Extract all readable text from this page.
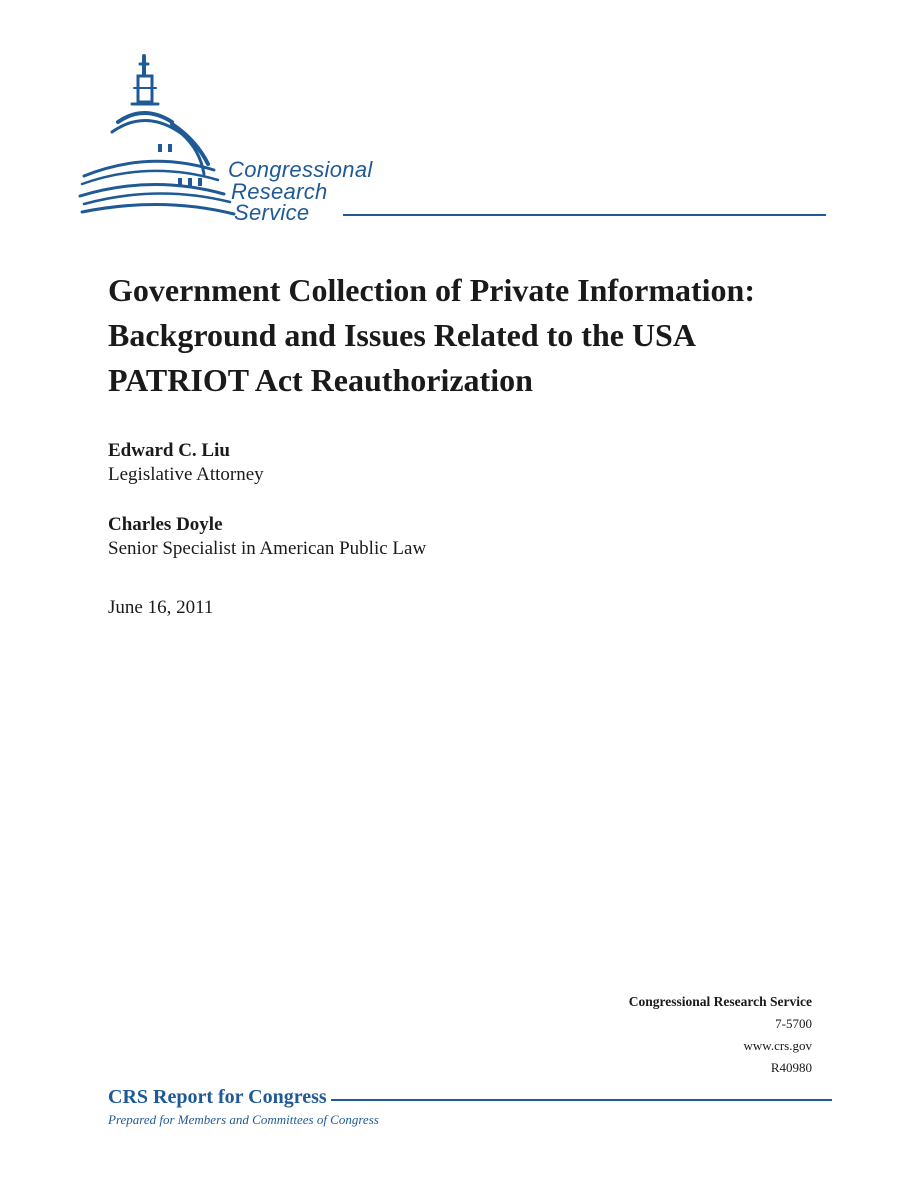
Congressional
Research
Service
Government Collection of Private Information: Background and Issues Related to the USA PATRIOT Act Reauthorization
Edward C. Liu
Legislative Attorney
Charles Doyle
Senior Specialist in American Public Law
June 16, 2011
Congressional Research Service
7-5700
www.crs.gov
R40980
CRS Report for Congress
Prepared for Members and Committees of Congress
